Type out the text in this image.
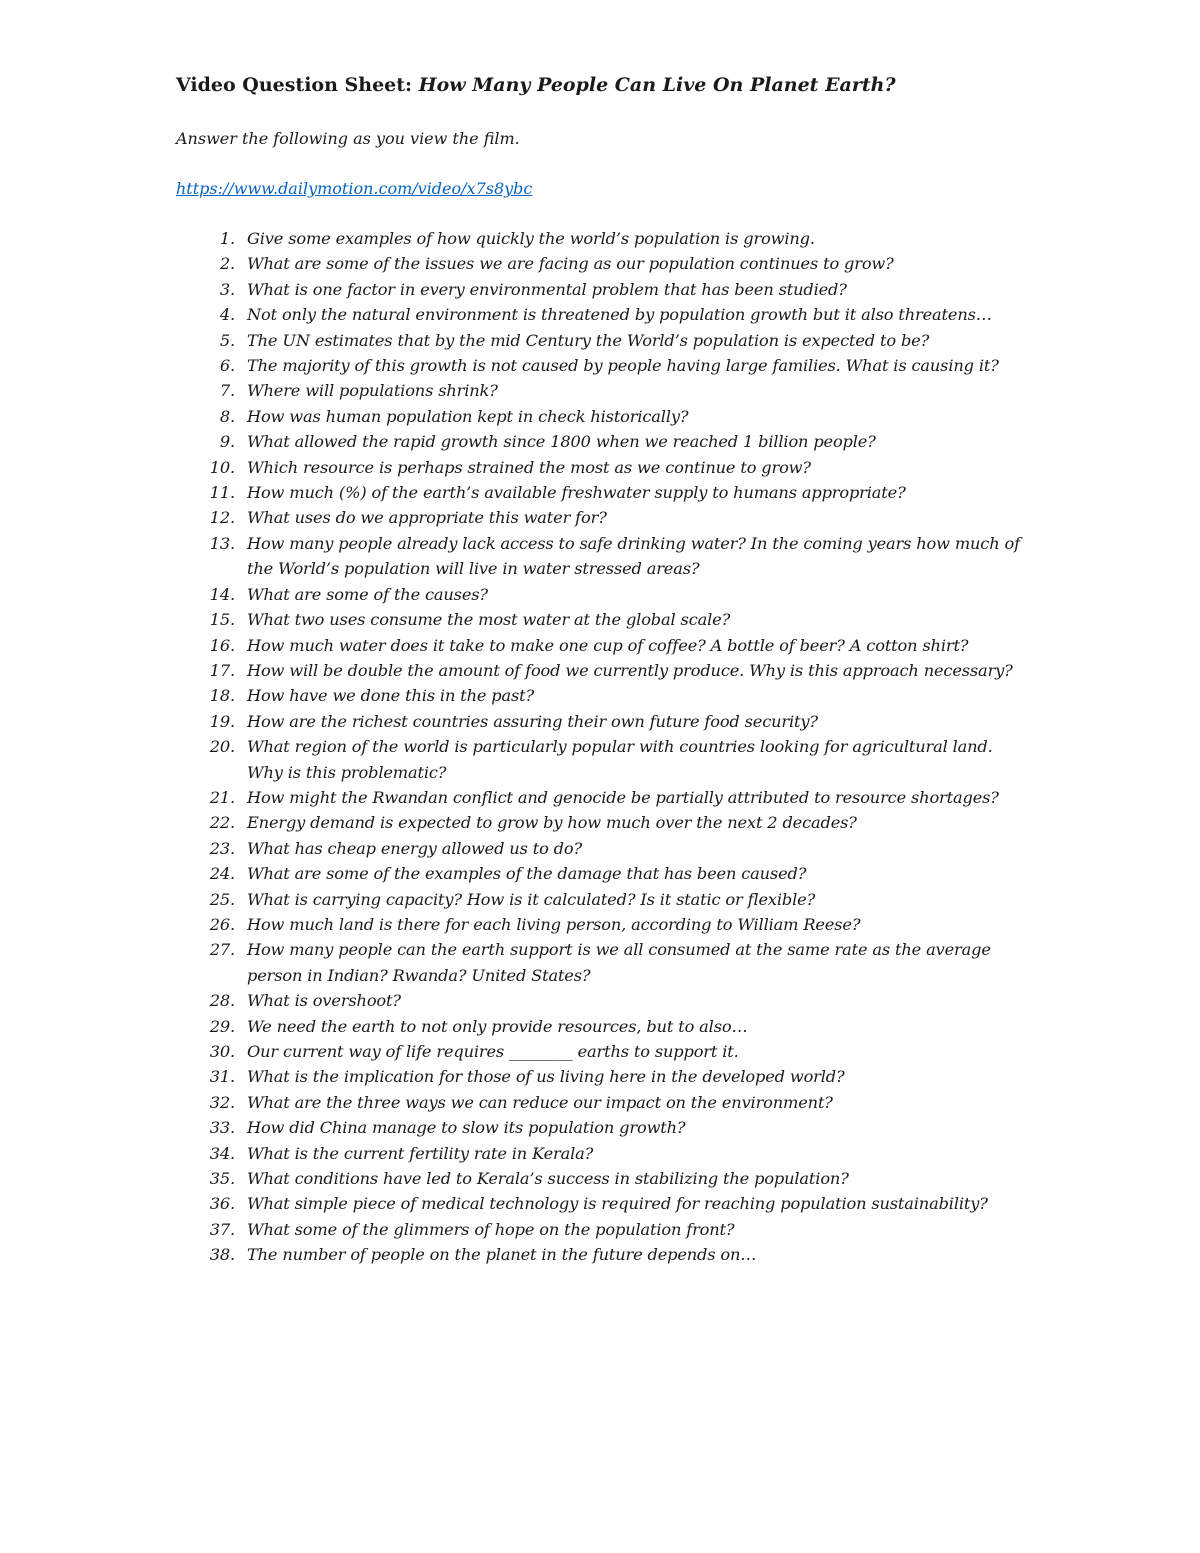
Video Question Sheet: How Many People Can Live On Planet Earth?
Answer the following as you view the film.
https://www.dailymotion.com/video/x7s8ybc
1. Give some examples of how quickly the world’s population is growing.
2. What are some of the issues we are facing as our population continues to grow?
3. What is one factor in every environmental problem that has been studied?
4. Not only the natural environment is threatened by population growth but it also threatens…
5. The UN estimates that by the mid Century the World’s population is expected to be?
6. The majority of this growth is not caused by people having large families. What is causing it?
7. Where will populations shrink?
8. How was human population kept in check historically?
9. What allowed the rapid growth since 1800 when we reached 1 billion people?
10. Which resource is perhaps strained the most as we continue to grow?
11. How much (%) of the earth’s available freshwater supply to humans appropriate?
12. What uses do we appropriate this water for?
13. How many people already lack access to safe drinking water? In the coming years how much of the World’s population will live in water stressed areas?
14. What are some of the causes?
15. What two uses consume the most water at the global scale?
16. How much water does it take to make one cup of coffee? A bottle of beer? A cotton shirt?
17. How will be double the amount of food we currently produce. Why is this approach necessary?
18. How have we done this in the past?
19. How are the richest countries assuring their own future food security?
20. What region of the world is particularly popular with countries looking for agricultural land. Why is this problematic?
21. How might the Rwandan conflict and genocide be partially attributed to resource shortages?
22. Energy demand is expected to grow by how much over the next 2 decades?
23. What has cheap energy allowed us to do?
24. What are some of the examples of the damage that has been caused?
25. What is carrying capacity? How is it calculated? Is it static or flexible?
26. How much land is there for each living person, according to William Reese?
27. How many people can the earth support is we all consumed at the same rate as the average person in Indian? Rwanda? United States?
28. What is overshoot?
29. We need the earth to not only provide resources, but to also…
30. Our current way of life requires ________ earths to support it.
31. What is the implication for those of us living here in the developed world?
32. What are the three ways we can reduce our impact on the environment?
33. How did China manage to slow its population growth?
34. What is the current fertility rate in Kerala?
35. What conditions have led to Kerala’s success in stabilizing the population?
36. What simple piece of medical technology is required for reaching population sustainability?
37. What some of the glimmers of hope on the population front?
38. The number of people on the planet in the future depends on…
